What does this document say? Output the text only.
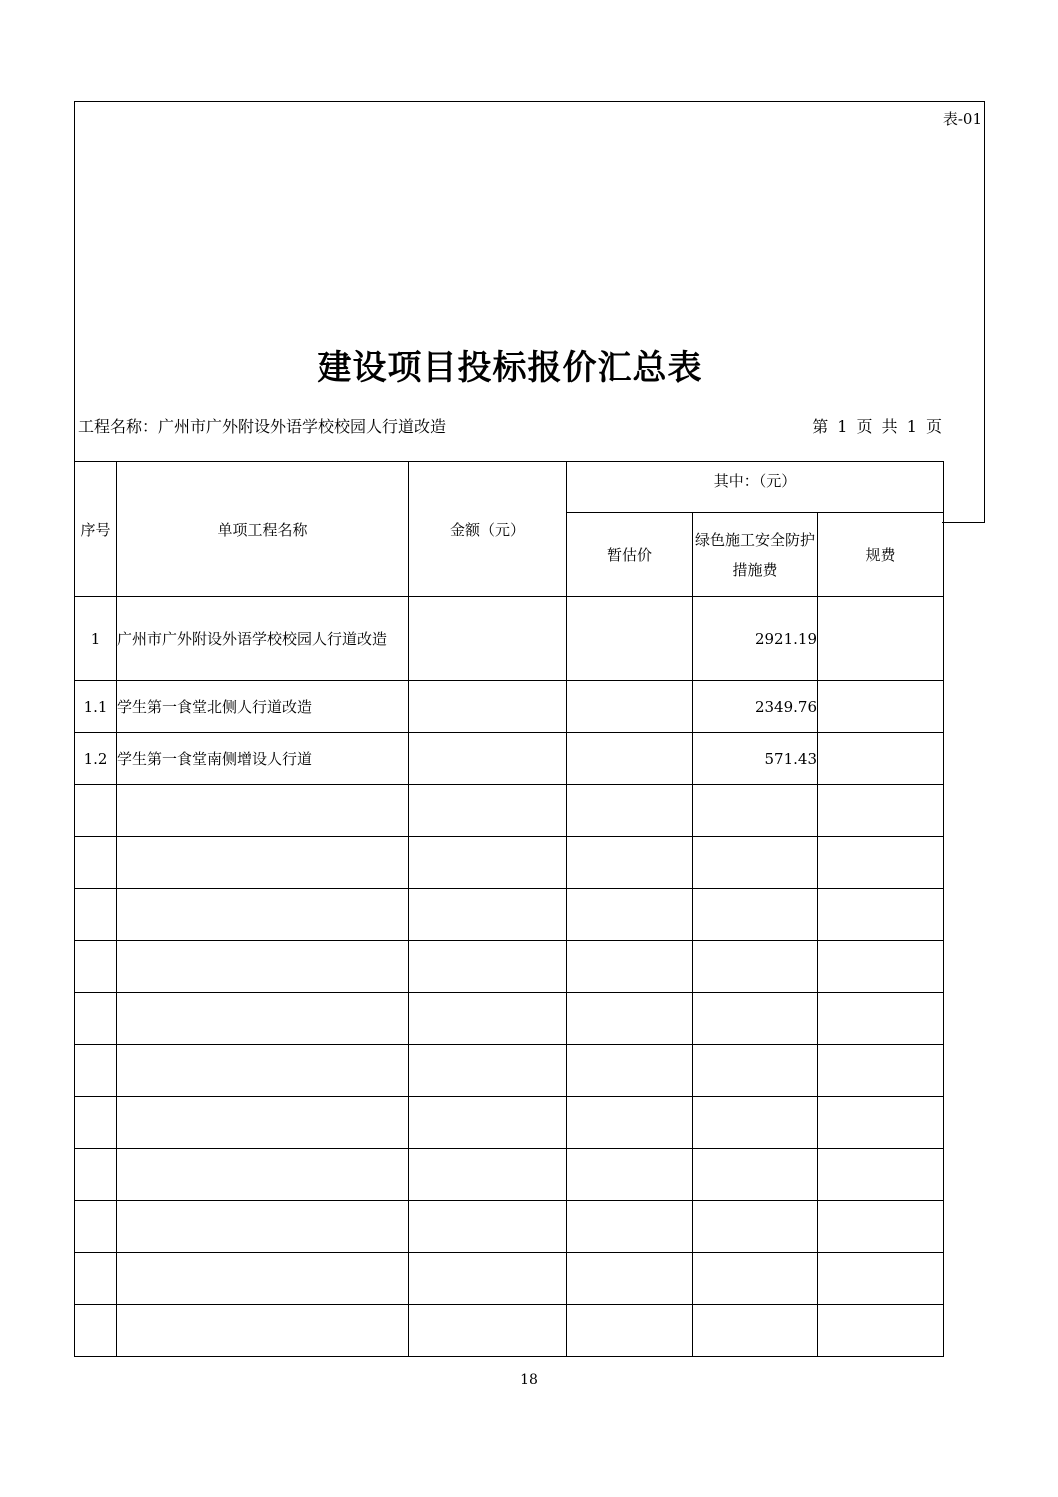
表-01
建设项目投标报价汇总表
工程名称：广州市广外附设外语学校校园人行道改造	第 1 页 共 1 页
序号	单项工程名称	金额（元）	其中：（元）		
			暂估价	绿色施工安全防护措施费	规费
1	广州市广外附设外语学校校园人行道改造			2921.19	
1.1	学生第一食堂北侧人行道改造			2349.76	
1.2	学生第一食堂南侧增设人行道			571.43	

18
